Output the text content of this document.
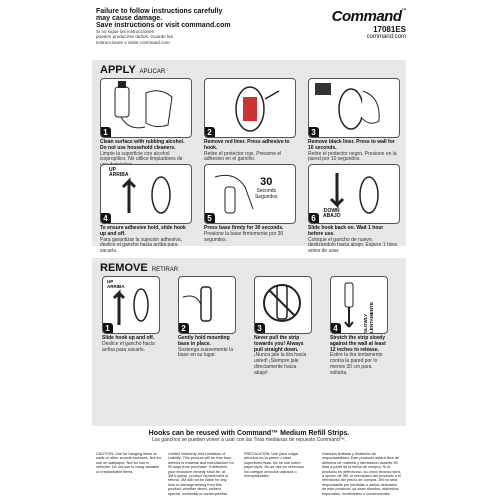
Failure to follow instructions carefully
may cause damage.
Save instructions or visit command.com
Si no sigue las instrucciones
pueden producirse daños. Guarde las
instrucciones o visite command.com
Command™
17081ES
command.com
APPLY APLICAR
1
Clean surface with rubbing alcohol. Do not use household cleaners.
Limpie la superficie con alcohol isopropílico. No utilice limpiadores de
2
Remove red liner. Press adhesive to hook.
Retire el protector rojo. Presione el adhesivo en el gancho.
3
Remove black liner. Press to wall for 10 seconds.
Retire el protector negro. Presione en la pared por 10 segundos.
UP
ARRIBA
4
To ensure adhesive hold, slide hook up and off.
Para garantizar la sujeción adhesiva, deslice el gancho hacia arriba para sacarlo.
30
Seconds
Segundos
5
Press base firmly for 30 seconds.
Presione la base firmemente por 30 segundos.
DOWN
ABAJO
6
Slide hook back on. Wait 1 hour before use.
Coloque el gancho de nuevo, deslizándolo hacia abajo. Espere 1 hora antes de usar.
REMOVE RETIRAR
UP
ARRIBA
1
Slide hook up and off.
Deslice el gancho hacia arriba para sacarlo.
2
Gently hold mounting base in place.
Sostenga suavemente la base en su lugar.
3
Never pull the strip towards you! Always pull straight down.
¡Nunca jale la tira hacia usted! ¡Siempre jale directamente hacia abajo!
SLOWLY LENTAMENTE
4
Stretch the strip slowly against the wall at least 12 inches to release.
Estire la tira lentamente contra la pared por lo menos 30 cm para soltarla.
Hooks can be reused with Command™ Medium Refill Strips.
Los ganchos se pueden volver a usar con las Tiras medianas de repuesto Command™.
CAUTION: Use for hanging items on walls or other smooth surfaces. Not for use on wallpaper. Not for use in vehicles. Do not use to hang valuable or irreplaceable items.
Limited Warranty and Limitation of Liability: This product will be free from defects in material and manufacture for 90 days from purchase. If defective, your exclusive remedy shall be, at 3M's option, product replacement or refund. 3M will not be liable for any loss or damage arising from this product, whether direct, indirect, special, incidental or consequential.
PRECAUCIÓN: Use para colgar artículos en la pared u otras superficies lisas. No se use sobre papel tapiz. No se use en vehículos. No cuelgue artículos valiosos o irremplazables.
Garantía limitada y limitación de responsabilidad: Este producto estará libre de defectos de material y fabricación durante 90 días a partir de la fecha de compra. Si el producto es defectuoso, su único recurso será, a opción de 3M, el reemplazo del producto o el reembolso del precio de compra. 3M no será responsable por pérdidas o daños derivados de este producto, ya sean directos, indirectos, especiales, incidentales o consecuentes.
